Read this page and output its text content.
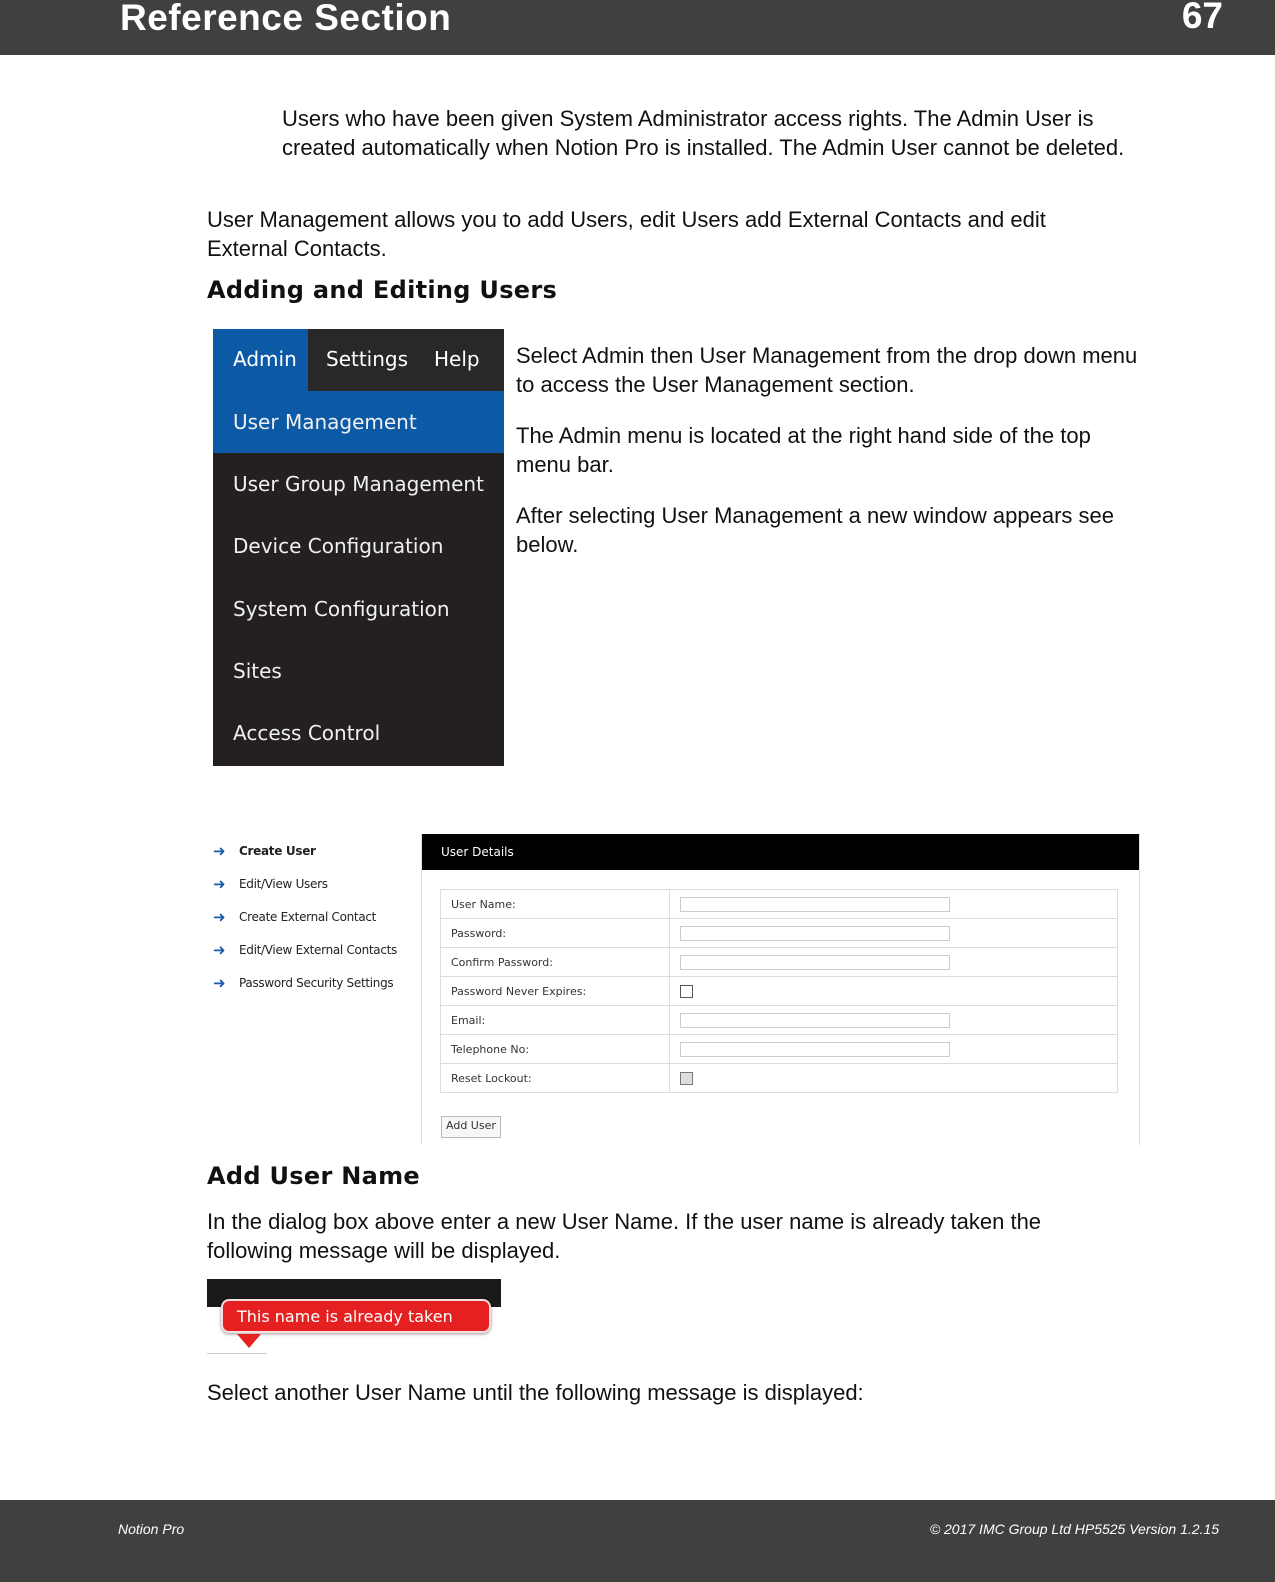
Reference Section	67
Users who have been given System Administrator access rights. The Admin User is created automatically when Notion Pro is installed. The Admin User cannot be deleted.
User Management allows you to add Users, edit Users add External Contacts and edit External Contacts.
Adding and Editing Users
Admin	Settings Help
User Management
User Group Management
Device Configuration
System Configuration
Sites
Access Control

Select Admin then User Management from the drop down menu to access the User Management section.

The Admin menu is located at the right hand side of the top menu bar.

After selecting User Management a new window appears see below.

➜	Create User
➜	Edit/View Users
➜	Create External Contact
➜	Edit/View External Contacts
➜	Password Security Settings
User Details
User Name:	

Password:	

Confirm Password:	

Password Never Expires:	

Email:	

Telephone No:	

Reset Lockout:	
Add User
Add User Name
In the dialog box above enter a new User Name. If the user name is already taken the following message will be displayed.
This name is already taken
Select another User Name until the following message is displayed:
Notion Pro	© 2017 IMC Group Ltd HP5525 Version 1.2.15
